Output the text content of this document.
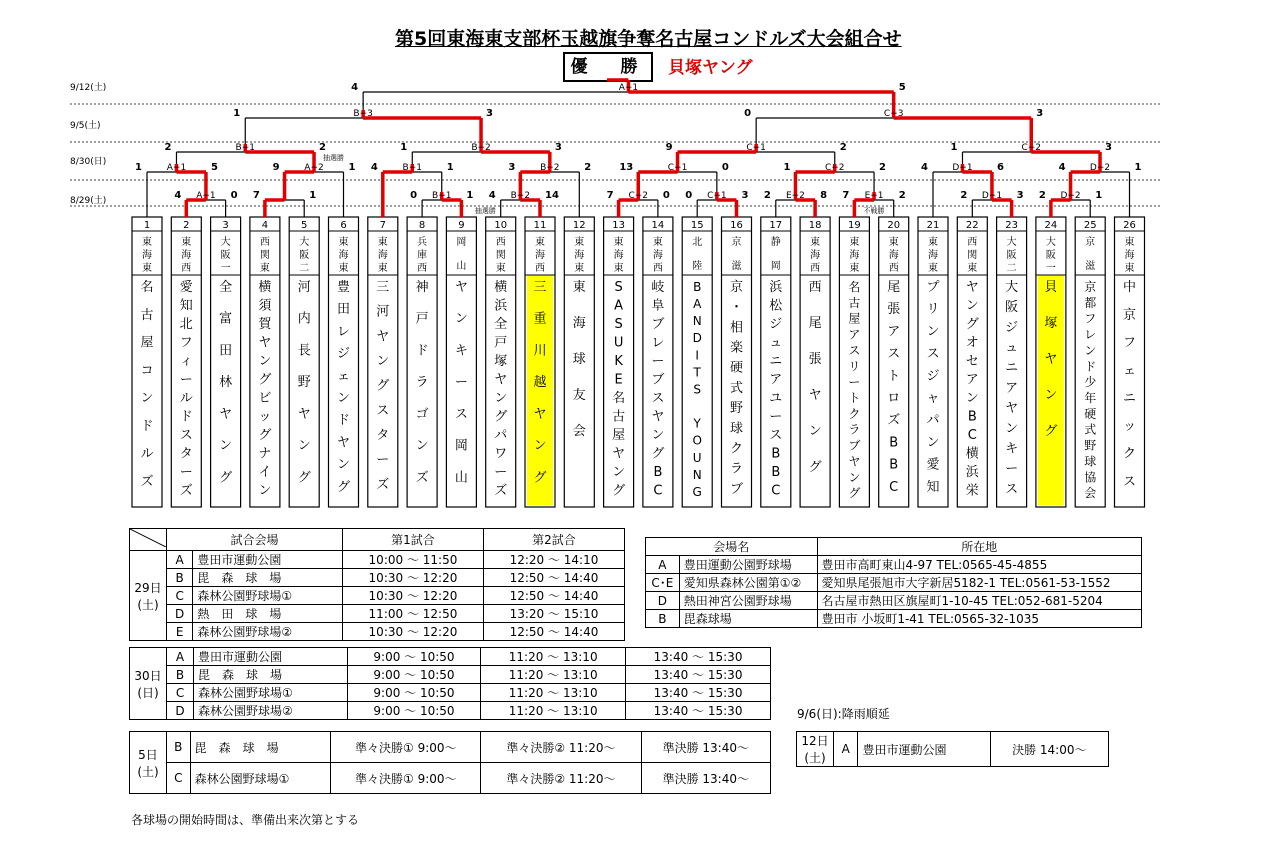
第5回東海東支部杯玉越旗争奪名古屋コンドルズ大会組合せ
優　勝	貝塚ヤング
9/12(土)
9/5(土)
8/30(日)
8/29(土)
1
東
海
東
名
古
屋
コ
ン
ド
ル
ズ
2
東
海
西
愛
知
北
フ
ィ
ー
ル
ド
ス
タ
ー
ズ
3
大
阪
一
全
富
田
林
ヤ
ン
グ
4
西
関
東
横
須
賀
ヤ
ン
グ
ビ
ッ
グ
ナ
イ
ン
5
大
阪
二
河
内
長
野
ヤ
ン
グ
6
東
海
東
豊
田
レ
ジ
ェ
ン
ド
ヤ
ン
グ
7
東
海
東
三
河
ヤ
ン
グ
ス
タ
ー
ズ
8
兵
庫
西
神
戸
ド
ラ
ゴ
ン
ズ
9
岡
山
ヤ
ン
キ
ー
ス
岡
山
10
西
関
東
横
浜
全
戸
塚
ヤ
ン
グ
パ
ワ
ー
ズ
11
東
海
西
三
重
川
越
ヤ
ン
グ
12
東
海
東
東
海
球
友
会
13
東
海
東
S
A
S
U
K
E
名
古
屋
ヤ
ン
グ
14
東
海
西
岐
阜
ブ
レ
ー
ブ
ス
ヤ
ン
グ
B
C
15
北
陸
B
A
N
D
I
T
S
Y
O
U
N
G
16
京
滋
京
・
相
楽
硬
式
野
球
ク
ラ
ブ
17
静
岡
浜
松
ジ
ュ
ニ
ア
ユ
ー
ス
B
B
C
18
東
海
西
西
尾
張
ヤ
ン
グ
19
東
海
東
名
古
屋
ア
ス
リ
ー
ト
ク
ラ
ブ
ヤ
ン
グ
20
東
海
西
尾
張
ア
ス
ト
ロ
ズ
B
B
C
21
東
海
東
プ
リ
ン
ス
ジ
ャ
パ
ン
愛
知
22
西
関
東
ヤ
ン
グ
オ
セ
ア
ン
B
C
横
浜
栄
23
大
阪
二
大
阪
ジ
ュ
ニ
ア
ヤ
ン
キ
ー
ス
24
大
阪
一
貝
塚
ヤ
ン
グ
25
京
滋
京
都
フ
レ
ン
ド
少
年
硬
式
野
球
協
会
26
東
海
東
中
京
フ
ェ
ニ
ッ
ク
ス
A−1
4	0 7	1	B−1
0	1	B−2
4	14	C−2
7	0	C−1
0	3	E−2
2	8	E−1
7	2	D−1
2	3	D−2
2	1
A−1
1	5	A−2
9	1	B−1
4	1	B−2
3	2	C−1
13	0	C−2
1	2	D−1
4	6	D−2
4	1
B−1
2	2	B−2
1	3	C−1
9	2	C−2
1	3
B−3
1	3	C−3
0	3
A−1
4	5
抽選勝
抽選勝	不戦勝
	試合会場		第1試合	第2試合
29日
(土)	A	豊田市運動公園	10:00 ～ 11:50	12:20 ～ 14:10
	B	毘　森　球　場	10:30 ～ 12:20	12:50 ～ 14:40
	C	森林公園野球場①	10:30 ～ 12:20	12:50 ～ 14:40
	D	熱　田　球　場	11:00 ～ 12:50	13:20 ～ 15:10
	E	森林公園野球場②	10:30 ～ 12:20	12:50 ～ 14:40
30日
(日)	A	豊田市運動公園	9:00 ～ 10:50	11:20 ～ 13:10	13:40 ～ 15:30
	B	毘　森　球　場	9:00 ～ 10:50	11:20 ～ 13:10	13:40 ～ 15:30
	C	森林公園野球場①	9:00 ～ 10:50	11:20 ～ 13:10	13:40 ～ 15:30
	D	森林公園野球場②	9:00 ～ 10:50	11:20 ～ 13:10	13:40 ～ 15:30
5日
(土)	B	毘　森　球　場	準々決勝① 9:00～	準々決勝② 11:20～	準決勝 13:40～
	C	森林公園野球場①	準々決勝① 9:00～	準々決勝② 11:20～	準決勝 13:40～
会場名		所在地
A	豊田運動公園野球場	豊田市高町東山4-97 TEL:0565-45-4855
C･E	愛知県森林公園第①②	愛知県尾張旭市大字新居5182-1 TEL:0561-53-1552
D	熱田神宮公園野球場	名古屋市熱田区旗屋町1-10-45 TEL:052-681-5204
B	毘森球場	豊田市 小坂町1-41 TEL:0565-32-1035
9/6(日):降雨順延
12日
(土)	A	豊田市運動公園	決勝 14:00～
各球場の開始時間は、準備出来次第とする
